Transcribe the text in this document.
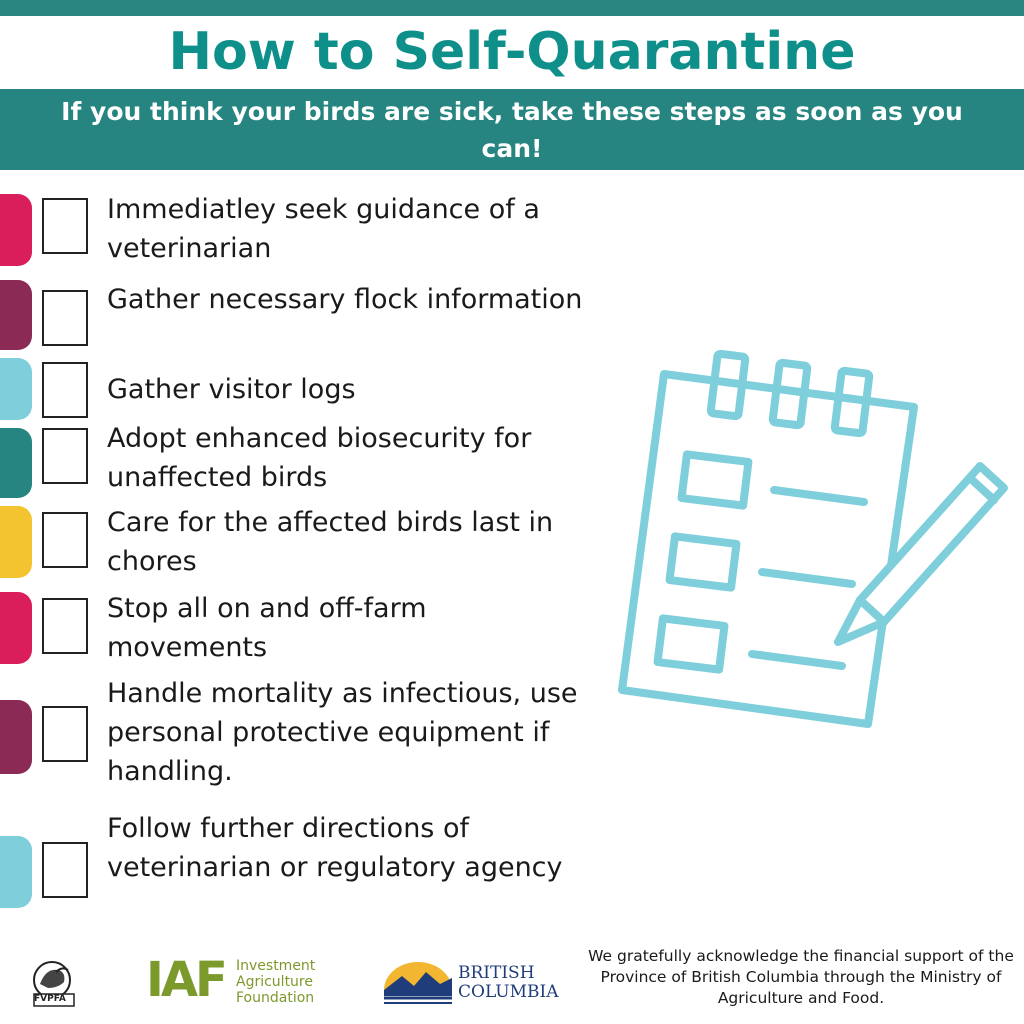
How to Self-Quarantine

If you think your birds are sick, take these steps as soon as you can!

Immediatley seek guidance of a veterinarian
Gather necessary flock information
Gather visitor logs
Adopt enhanced biosecurity for unaffected birds
Care for the affected birds last in chores
Stop all on and off-farm movements
Handle mortality as infectious, use personal protective equipment if handling.
Follow further directions of veterinarian or regulatory agency
FVPFA IAF Investment
Agriculture
Foundation
BRITISH
COLUMBIA

We gratefully acknowledge the financial support of the Province of British Columbia through the Ministry of Agriculture and Food.
